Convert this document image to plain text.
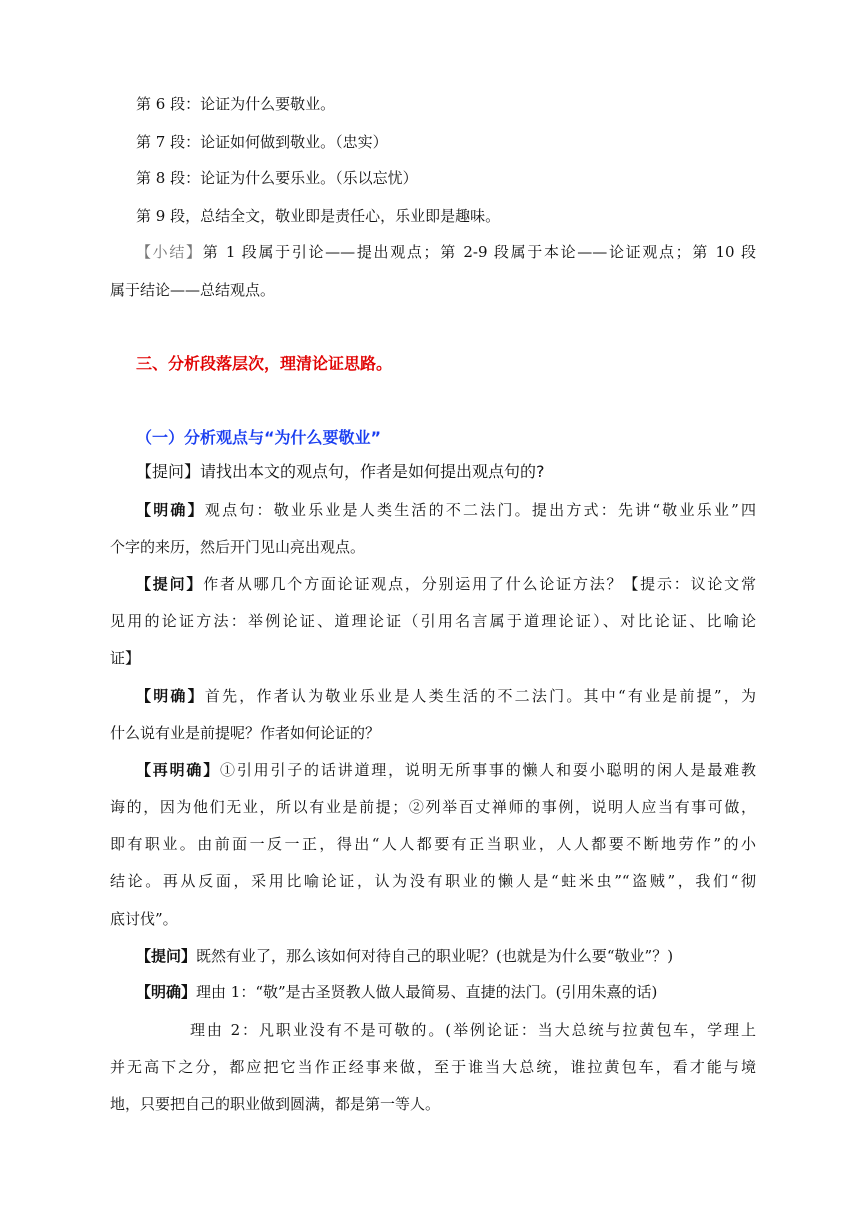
第 6 段：论证为什么要敬业。
第 7 段：论证如何做到敬业。（忠实）
第 8 段：论证为什么要乐业。（乐以忘忧）
第 9 段，总结全文，敬业即是责任心，乐业即是趣味。
【小结】第 1 段属于引论——提出观点；第 2-9 段属于本论——论证观点；第 10 段
属于结论——总结观点。
三、分析段落层次，理清论证思路。
（一）分析观点与“为什么要敬业”
【提问】请找出本文的观点句，作者是如何提出观点句的?
【明确】观点句：敬业乐业是人类生活的不二法门。提出方式：先讲“敬业乐业”四
个字的来历，然后开门见山亮出观点。
【提问】作者从哪几个方面论证观点，分别运用了什么论证方法？【提示：议论文常
见用的论证方法：举例论证、道理论证（引用名言属于道理论证）、对比论证、比喻论
证】
【明确】首先，作者认为敬业乐业是人类生活的不二法门。其中“有业是前提”，为
什么说有业是前提呢？作者如何论证的？
【再明确】①引用引子的话讲道理，说明无所事事的懒人和耍小聪明的闲人是最难教
诲的，因为他们无业，所以有业是前提；②列举百丈禅师的事例，说明人应当有事可做，
即有职业。由前面一反一正，得出“人人都要有正当职业，人人都要不断地劳作”的小
结论。再从反面，采用比喻论证，认为没有职业的懒人是“蛀米虫”“盗贼”，我们“彻
底讨伐”。
【提问】既然有业了，那么该如何对待自己的职业呢？(也就是为什么要“敬业”？)
【明确】理由 1：“敬”是古圣贤教人做人最简易、直捷的法门。(引用朱熹的话)
理由 2：凡职业没有不是可敬的。(举例论证：当大总统与拉黄包车，学理上
并无高下之分，都应把它当作正经事来做，至于谁当大总统，谁拉黄包车，看才能与境
地，只要把自己的职业做到圆满，都是第一等人。
